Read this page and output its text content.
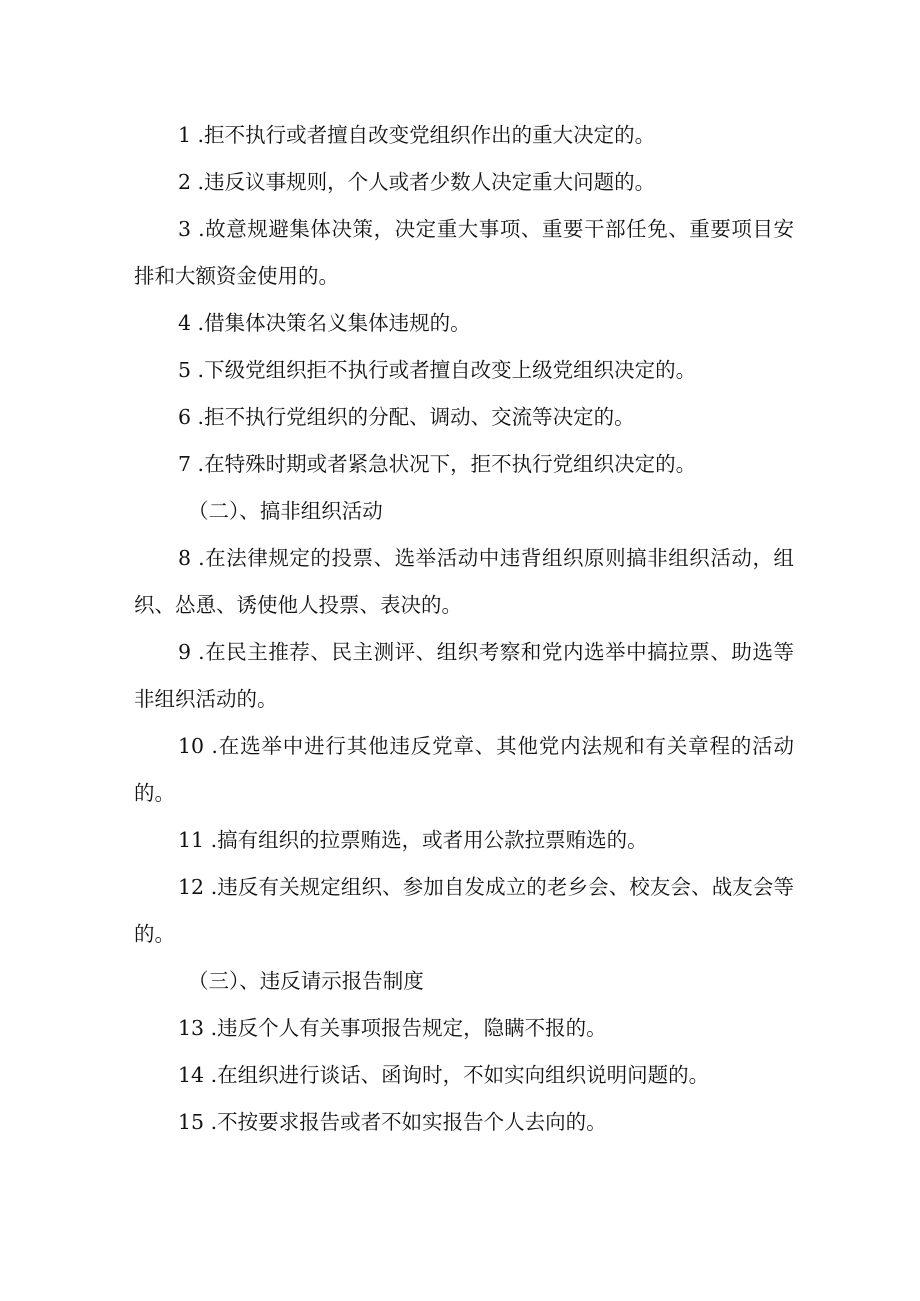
1 .拒不执行或者擅自改变党组织作出的重大决定的。

2 .违反议事规则，个人或者少数人决定重大问题的。

3 .故意规避集体决策，决定重大事项、重要干部任免、重要项目安排和大额资金使用的。

4 .借集体决策名义集体违规的。

5 .下级党组织拒不执行或者擅自改变上级党组织决定的。

6 .拒不执行党组织的分配、调动、交流等决定的。

7 .在特殊时期或者紧急状况下，拒不执行党组织决定的。

（二）、搞非组织活动

8 .在法律规定的投票、选举活动中违背组织原则搞非组织活动，组织、怂恿、诱使他人投票、表决的。

9 .在民主推荐、民主测评、组织考察和党内选举中搞拉票、助选等非组织活动的。

10 .在选举中进行其他违反党章、其他党内法规和有关章程的活动的。

11 .搞有组织的拉票贿选，或者用公款拉票贿选的。

12 .违反有关规定组织、参加自发成立的老乡会、校友会、战友会等的。

（三）、违反请示报告制度

13 .违反个人有关事项报告规定，隐瞒不报的。

14 .在组织进行谈话、函询时，不如实向组织说明问题的。

15 .不按要求报告或者不如实报告个人去向的。
